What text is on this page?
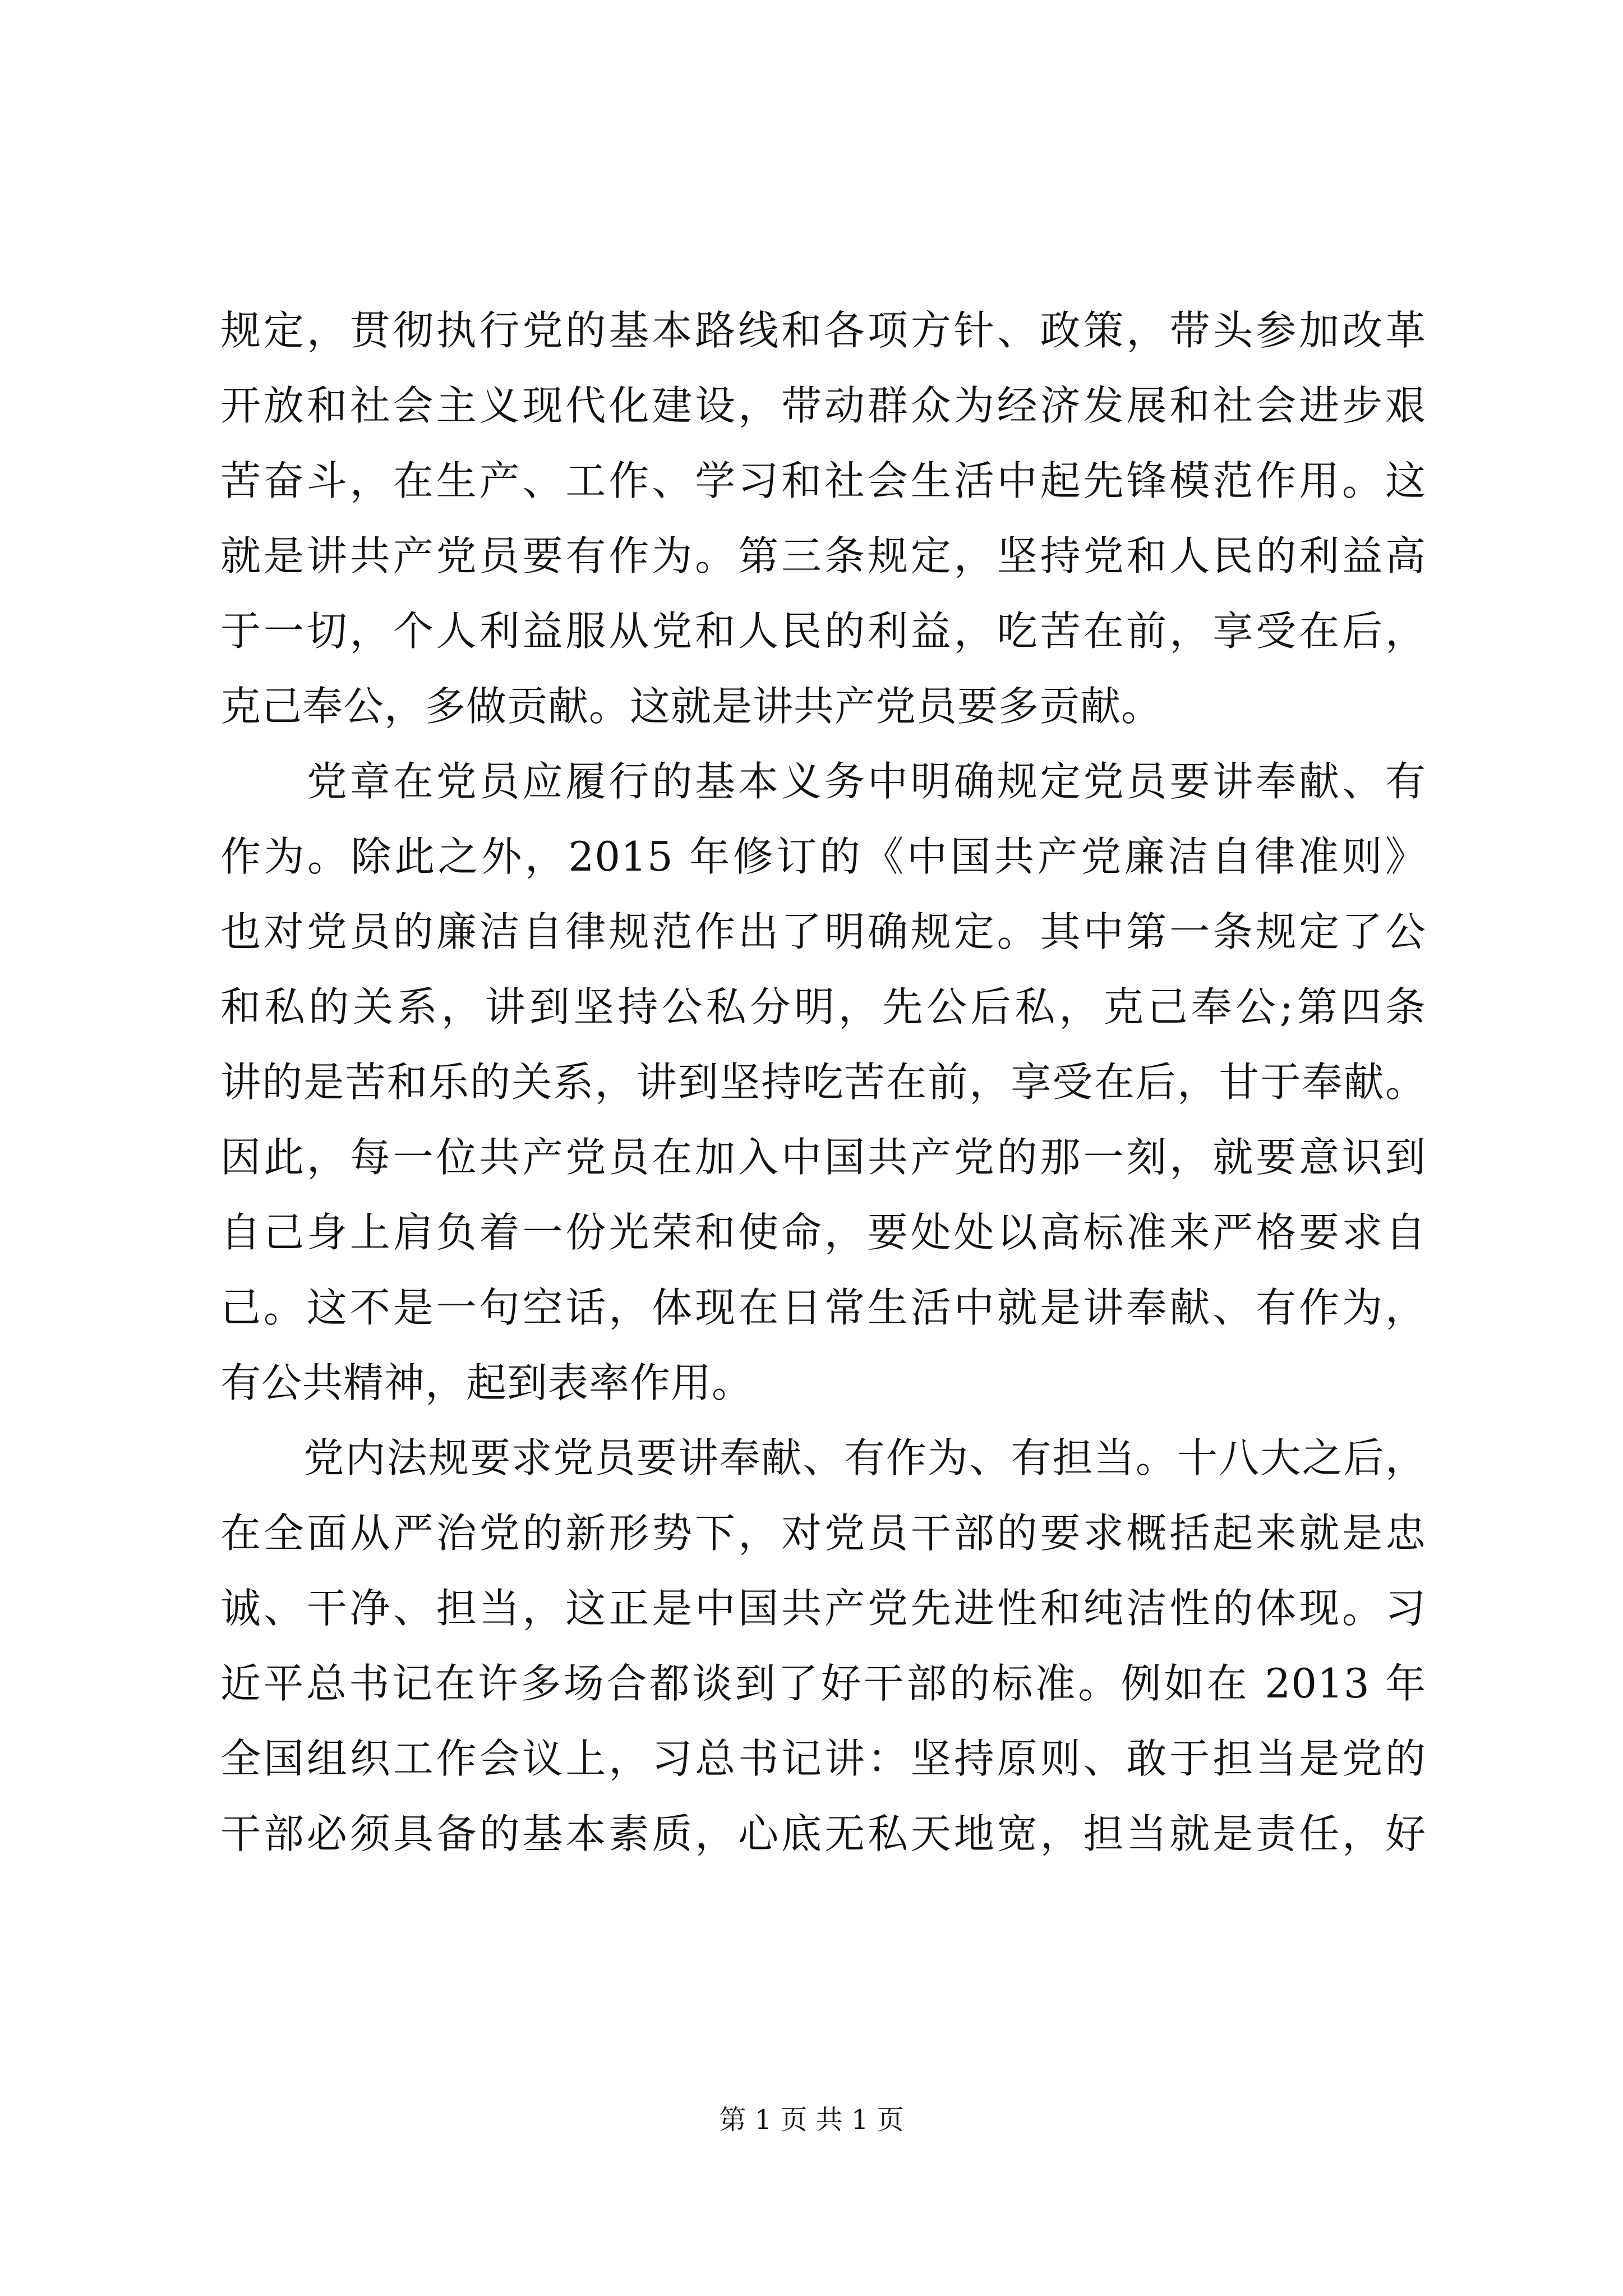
规定，贯彻执行党的基本路线和各项方针、政策，带头参加改革
开放和社会主义现代化建设，带动群众为经济发展和社会进步艰
苦奋斗，在生产、工作、学习和社会生活中起先锋模范作用。这
就是讲共产党员要有作为。第三条规定，坚持党和人民的利益高
于一切，个人利益服从党和人民的利益，吃苦在前，享受在后，
克己奉公，多做贡献。这就是讲共产党员要多贡献。
　　党章在党员应履行的基本义务中明确规定党员要讲奉献、有
作为。除此之外，2015 年修订的《中国共产党廉洁自律准则》
也对党员的廉洁自律规范作出了明确规定。其中第一条规定了公
和私的关系，讲到坚持公私分明，先公后私，克己奉公;第四条
讲的是苦和乐的关系，讲到坚持吃苦在前，享受在后，甘于奉献。
因此，每一位共产党员在加入中国共产党的那一刻，就要意识到
自己身上肩负着一份光荣和使命，要处处以高标准来严格要求自
己。这不是一句空话，体现在日常生活中就是讲奉献、有作为，
有公共精神，起到表率作用。
　　党内法规要求党员要讲奉献、有作为、有担当。十八大之后，
在全面从严治党的新形势下，对党员干部的要求概括起来就是忠
诚、干净、担当，这正是中国共产党先进性和纯洁性的体现。习
近平总书记在许多场合都谈到了好干部的标准。例如在 2013 年
全国组织工作会议上，习总书记讲：坚持原则、敢于担当是党的
干部必须具备的基本素质，心底无私天地宽，担当就是责任，好
第 1 页 共 1 页
